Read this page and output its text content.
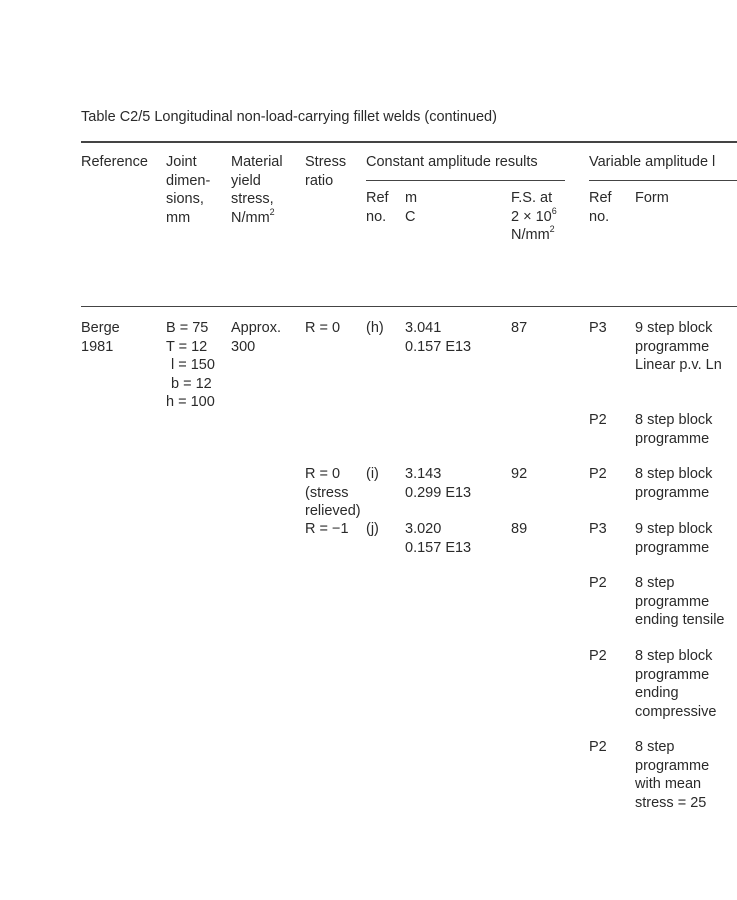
Table C2/5 Longitudinal non-load-carrying fillet welds (continued)
Reference Joint
dimen-
sions,
mm
Material
yield
stress,
$N/mm^2$
Stress
ratio
Constant amplitude results	Variable amplitude l
Ref
no.
m
C
F.S. at
$2 \times 10^6$
$N/mm^2$
Ref
no.
Form
Berge
1981
B = 75
T = 12
l = 150
b = 12
h = 100
Approx.
300
R = 0 (h) 3.041
0.157 E13
87
R = 0
(stress
relieved)
(i) 3.143
0.299 E13
92
R = −1 (j) 3.020
0.157 E13
89
P3 9 step block
programme
Linear p.v. Ln
P2 8 step block
programme
P2 8 step block
programme
P3 9 step block
programme
P2 8 step
programme
ending tensile
P2 8 step block
programme
ending
compressive
P2 8 step
programme
with mean
stress = 25
